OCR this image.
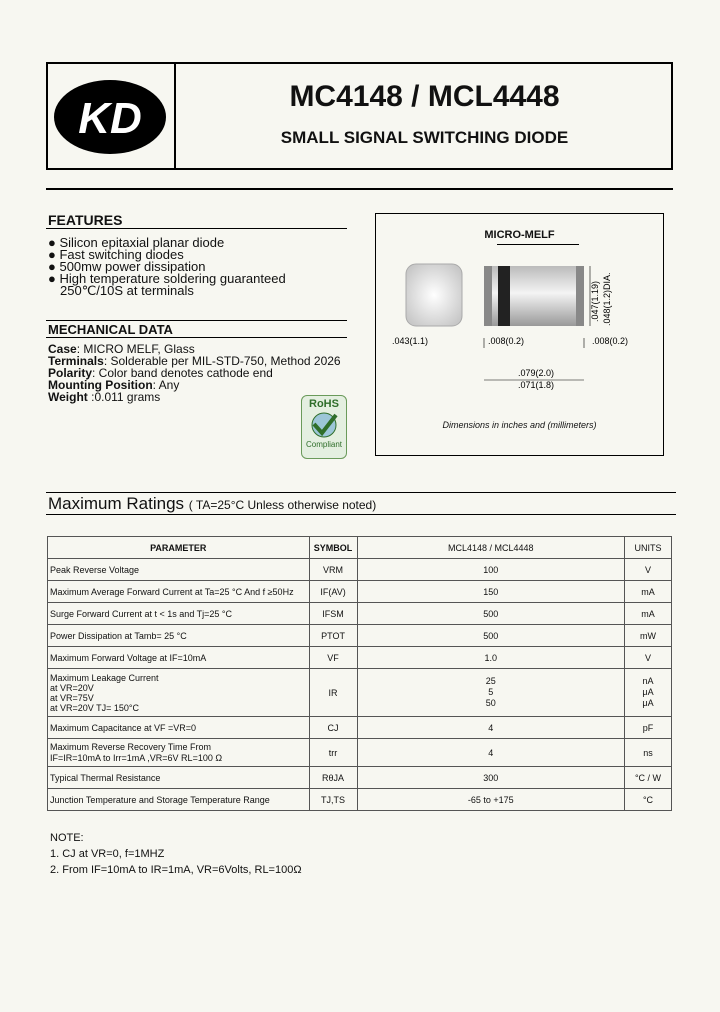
KD	MC4148 / MCL4448
SMALL SIGNAL SWITCHING DIODE
FEATURES
● Silicon epitaxial planar diode
● Fast switching diodes
● 500mw power dissipation
● High temperature soldering guaranteed
250℃/10S at terminals
MECHANICAL DATA
Case: MICRO MELF, Glass
Terminals: Solderable per MIL-STD-750, Method 2026
Polarity: Color band denotes cathode end
Mounting Position: Any
Weight :0.011 grams	RoHS
Compliant
MICRO-MELF
.047(1.19) .048(1.2)DIA.
.043(1.1)	.008(0.2)	.008(0.2)
.079(2.0)
.071(1.8)
Dimensions in inches and (millimeters)
Maximum Ratings ( TA=25°C Unless otherwise noted)
PARAMETER	SYMBOL	MCL4148 / MCL4448	UNITS
Peak Reverse Voltage	VRM	100	V
Maximum Average Forward Current at Ta=25 °C And f ≥50Hz	IF(AV)	150	mA
Surge Forward Current at t < 1s and Tj=25 °C	IFSM	500	mA
Power Dissipation at Tamb= 25 °C	PTOT	500	mW
Maximum Forward Voltage at IF=10mA	VF	1.0	V
Maximum Leakage Current
at VR=20V
at VR=75V
at VR=20V TJ= 150°C	IR	25
5
50	nA
μA
μA
Maximum Capacitance at VF =VR=0	CJ	4	pF
Maximum Reverse Recovery Time From
IF=IR=10mA to Irr=1mA ,VR=6V RL=100 Ω	trr	4	ns
Typical Thermal Resistance	RθJA	300	°C / W
Junction Temperature and Storage Temperature Range	TJ,TS	-65 to +175	°C
NOTE:
1. CJ at VR=0, f=1MHZ
2. From IF=10mA to IR=1mA, VR=6Volts, RL=100Ω
